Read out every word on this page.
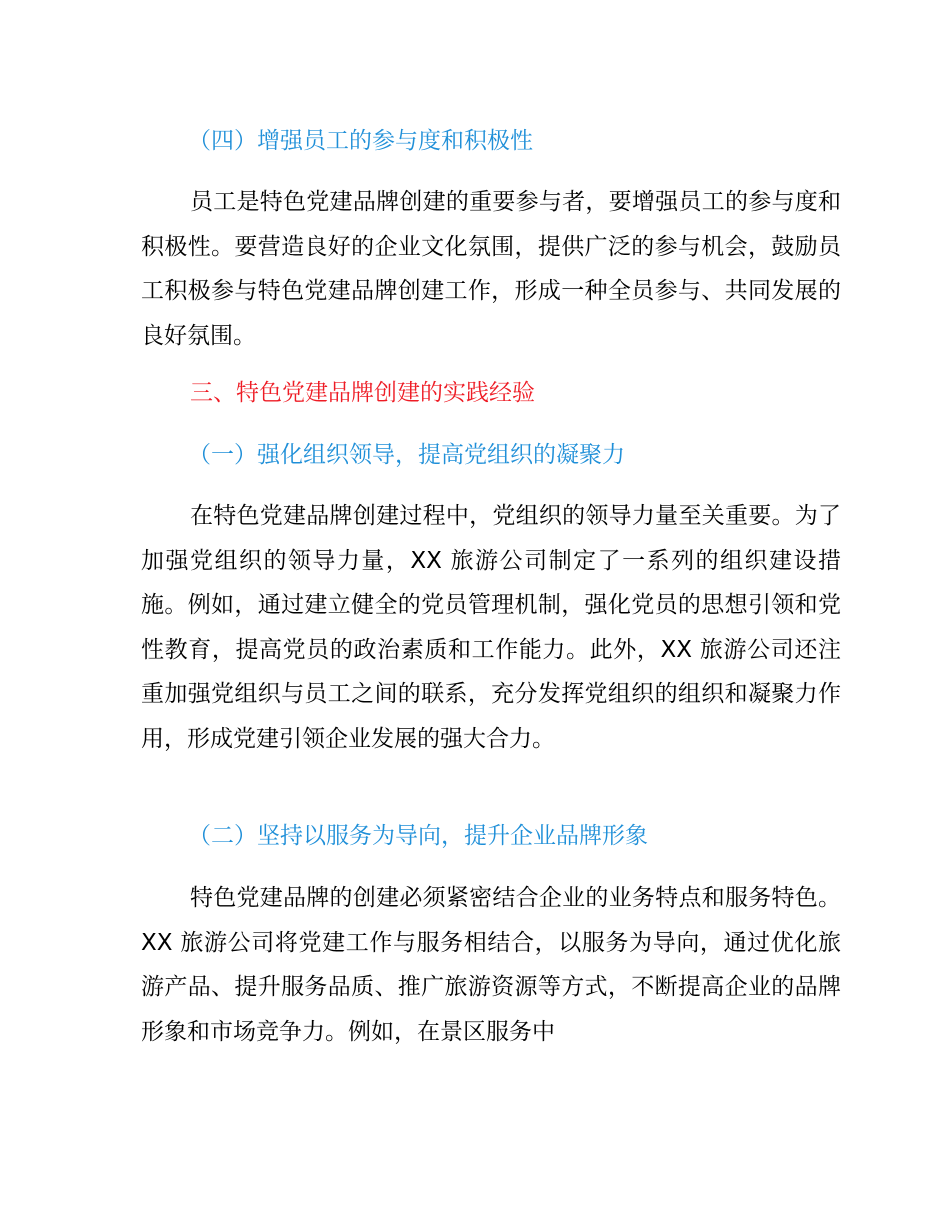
（四）增强员工的参与度和积极性

员工是特色党建品牌创建的重要参与者，要增强员工的参与度和积极性。要营造良好的企业文化氛围，提供广泛的参与机会，鼓励员工积极参与特色党建品牌创建工作，形成一种全员参与、共同发展的良好氛围。

三、特色党建品牌创建的实践经验
（一）强化组织领导，提高党组织的凝聚力

在特色党建品牌创建过程中，党组织的领导力量至关重要。为了加强党组织的领导力量，XX 旅游公司制定了一系列的组织建设措施。例如，通过建立健全的党员管理机制，强化党员的思想引领和党性教育，提高党员的政治素质和工作能力。此外，XX 旅游公司还注重加强党组织与员工之间的联系，充分发挥党组织的组织和凝聚力作用，形成党建引领企业发展的强大合力。

（二）坚持以服务为导向，提升企业品牌形象

特色党建品牌的创建必须紧密结合企业的业务特点和服务特色。XX 旅游公司将党建工作与服务相结合，以服务为导向，通过优化旅游产品、提升服务品质、推广旅游资源等方式，不断提高企业的品牌形象和市场竞争力。例如，在景区服务中
